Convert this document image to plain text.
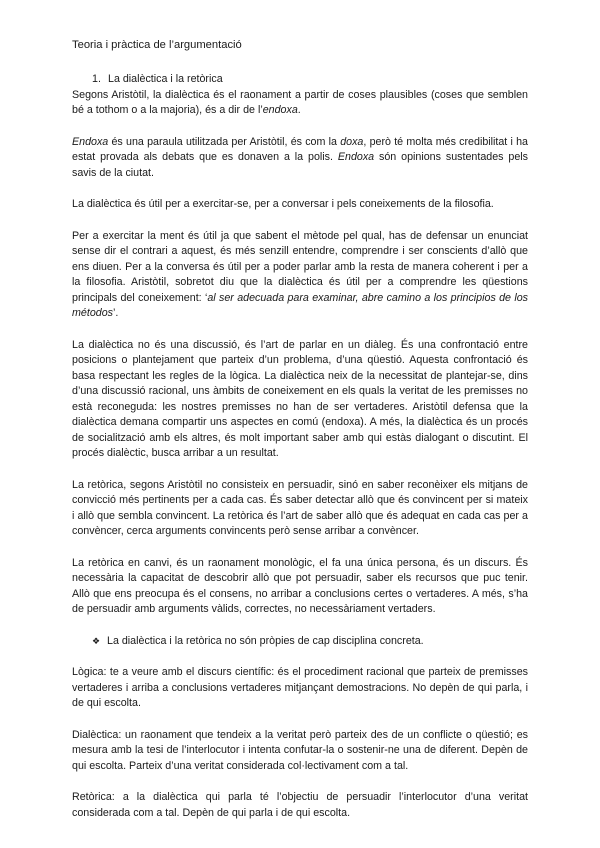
Teoria i pràctica de l’argumentació
1. La dialèctica i la retòrica

Segons Aristòtil, la dialèctica és el raonament a partir de coses plausibles (coses que semblen bé a tothom o a la majoria), és a dir de l’endoxa.

Endoxa és una paraula utilitzada per Aristòtil, és com la doxa, però té molta més credibilitat i ha estat provada als debats que es donaven a la polis. Endoxa són opinions sustentades pels savis de la ciutat.

La dialèctica és útil per a exercitar-se, per a conversar i pels coneixements de la filosofia.

Per a exercitar la ment és útil ja que sabent el mètode pel qual, has de defensar un enunciat sense dir el contrari a aquest, és més senzill entendre, comprendre i ser conscients d’allò que ens diuen. Per a la conversa és útil per a poder parlar amb la resta de manera coherent i per a la filosofia. Aristòtil, sobretot diu que la dialèctica és útil per a comprendre les qüestions principals del coneixement: ‘al ser adecuada para examinar, abre camino a los principios de los métodos’.

La dialèctica no és una discussió, és l’art de parlar en un diàleg. És una confrontació entre posicions o plantejament que parteix d’un problema, d’una qüestió. Aquesta confrontació és basa respectant les regles de la lògica. La dialèctica neix de la necessitat de plantejar-se, dins d’una discussió racional, uns àmbits de coneixement en els quals la veritat de les premisses no està reconeguda: les nostres premisses no han de ser vertaderes. Aristòtil defensa que la dialèctica demana compartir uns aspectes en comú (endoxa). A més, la dialèctica és un procés de socialització amb els altres, és molt important saber amb qui estàs dialogant o discutint. El procés dialèctic, busca arribar a un resultat.

La retòrica, segons Aristòtil no consisteix en persuadir, sinó en saber reconèixer els mitjans de convicció més pertinents per a cada cas. És saber detectar allò que és convincent per si mateix i allò que sembla convincent. La retòrica és l’art de saber allò que és adequat en cada cas per a convèncer, cerca arguments convincents però sense arribar a convèncer.

La retòrica en canvi, és un raonament monològic, el fa una única persona, és un discurs. És necessària la capacitat de descobrir allò que pot persuadir, saber els recursos que puc tenir. Allò que ens preocupa és el consens, no arribar a conclusions certes o vertaderes. A més, s’ha de persuadir amb arguments vàlids, correctes, no necessàriament vertaders.

❖ La dialèctica i la retòrica no són pròpies de cap disciplina concreta.

Lògica: te a veure amb el discurs científic: és el procediment racional que parteix de premisses vertaderes i arriba a conclusions vertaderes mitjançant demostracions. No depèn de qui parla, i de qui escolta.

Dialèctica: un raonament que tendeix a la veritat però parteix des de un conflicte o qüestió; es mesura amb la tesi de l’interlocutor i intenta confutar-la o sostenir-ne una de diferent. Depèn de qui escolta. Parteix d’una veritat considerada col·lectivament com a tal.

Retòrica: a la dialèctica qui parla té l’objectiu de persuadir l’interlocutor d’una veritat considerada com a tal. Depèn de qui parla i de qui escolta.
